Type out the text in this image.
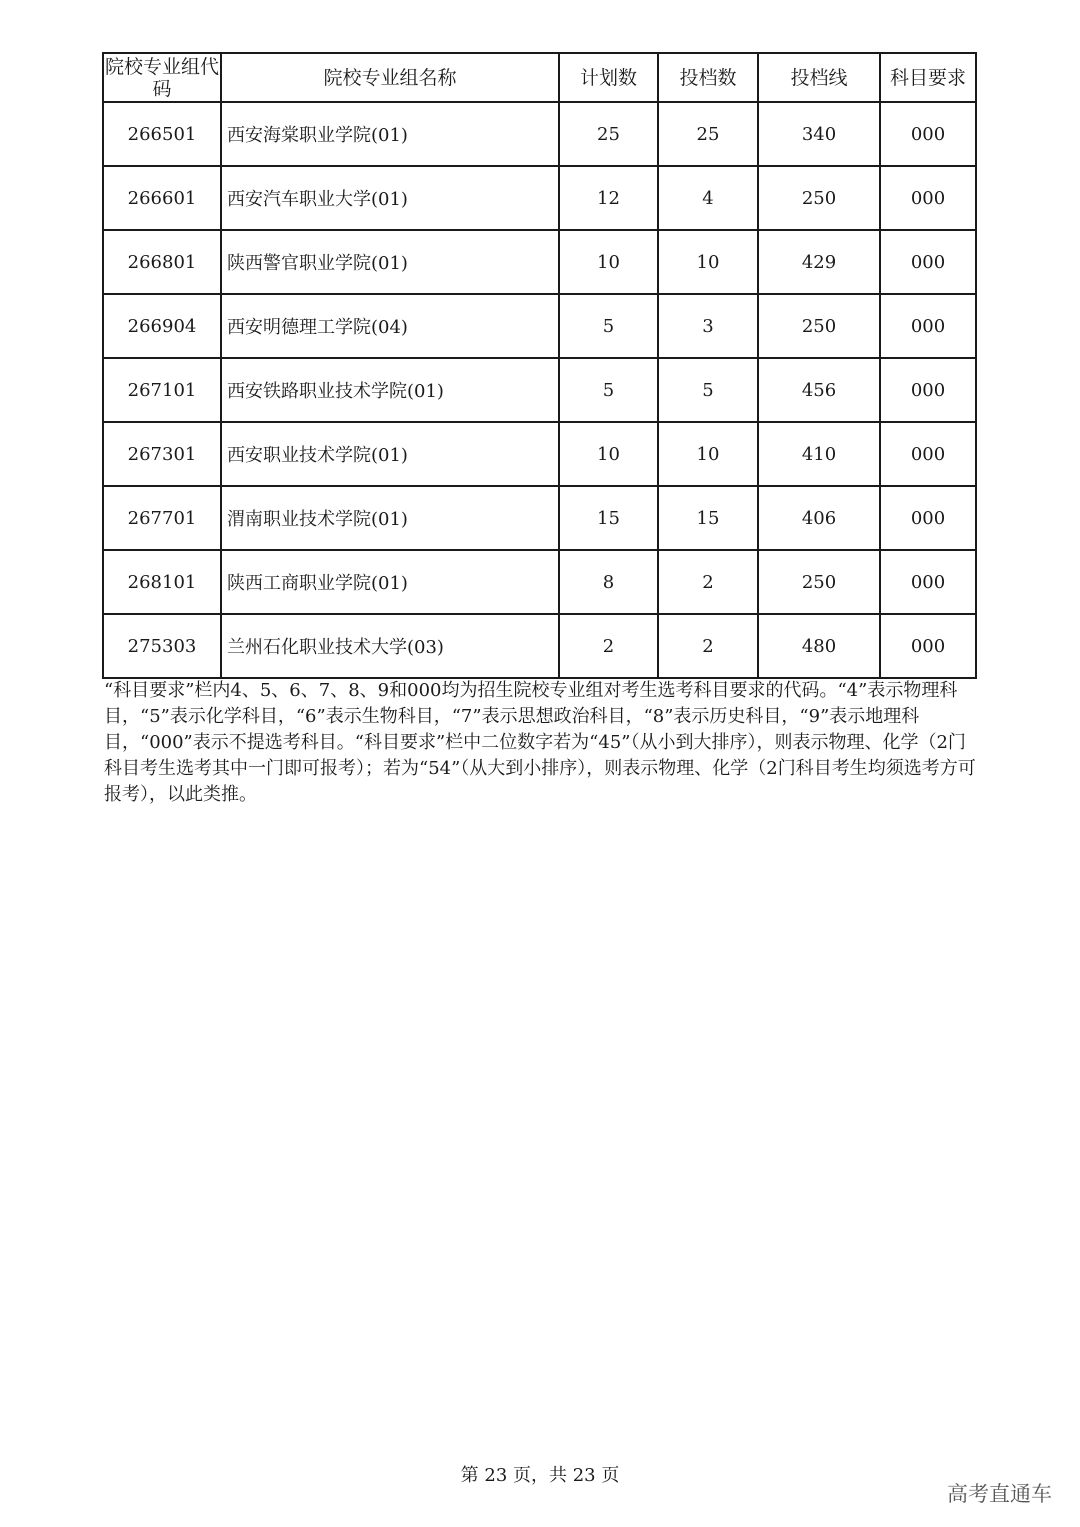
院校专业组代码	院校专业组名称	计划数	投档数	投档线	科目要求
266501	西安海棠职业学院(01)	25	25	340	000
266601	西安汽车职业大学(01)	12	4	250	000
266801	陕西警官职业学院(01)	10	10	429	000
266904	西安明德理工学院(04)	5	3	250	000
267101	西安铁路职业技术学院(01)	5	5	456	000
267301	西安职业技术学院(01)	10	10	410	000
267701	渭南职业技术学院(01)	15	15	406	000
268101	陕西工商职业学院(01)	8	2	250	000
275303	兰州石化职业技术大学(03)	2	2	480	000

“科目要求”栏内4、5、6、7、8、9和000均为招生院校专业组对考生选考科目要求的代码。“4”表示物理科目，“5”表示化学科目，“6”表示生物科目，“7”表示思想政治科目，“8”表示历史科目，“9”表示地理科目，“000”表示不提选考科目。“科目要求”栏中二位数字若为“45”（从小到大排序），则表示物理、化学（2门科目考生选考其中一门即可报考）；若为“54”（从大到小排序），则表示物理、化学（2门科目考生均须选考方可报考），以此类推。

第 23 页，共 23 页
高考直通车
